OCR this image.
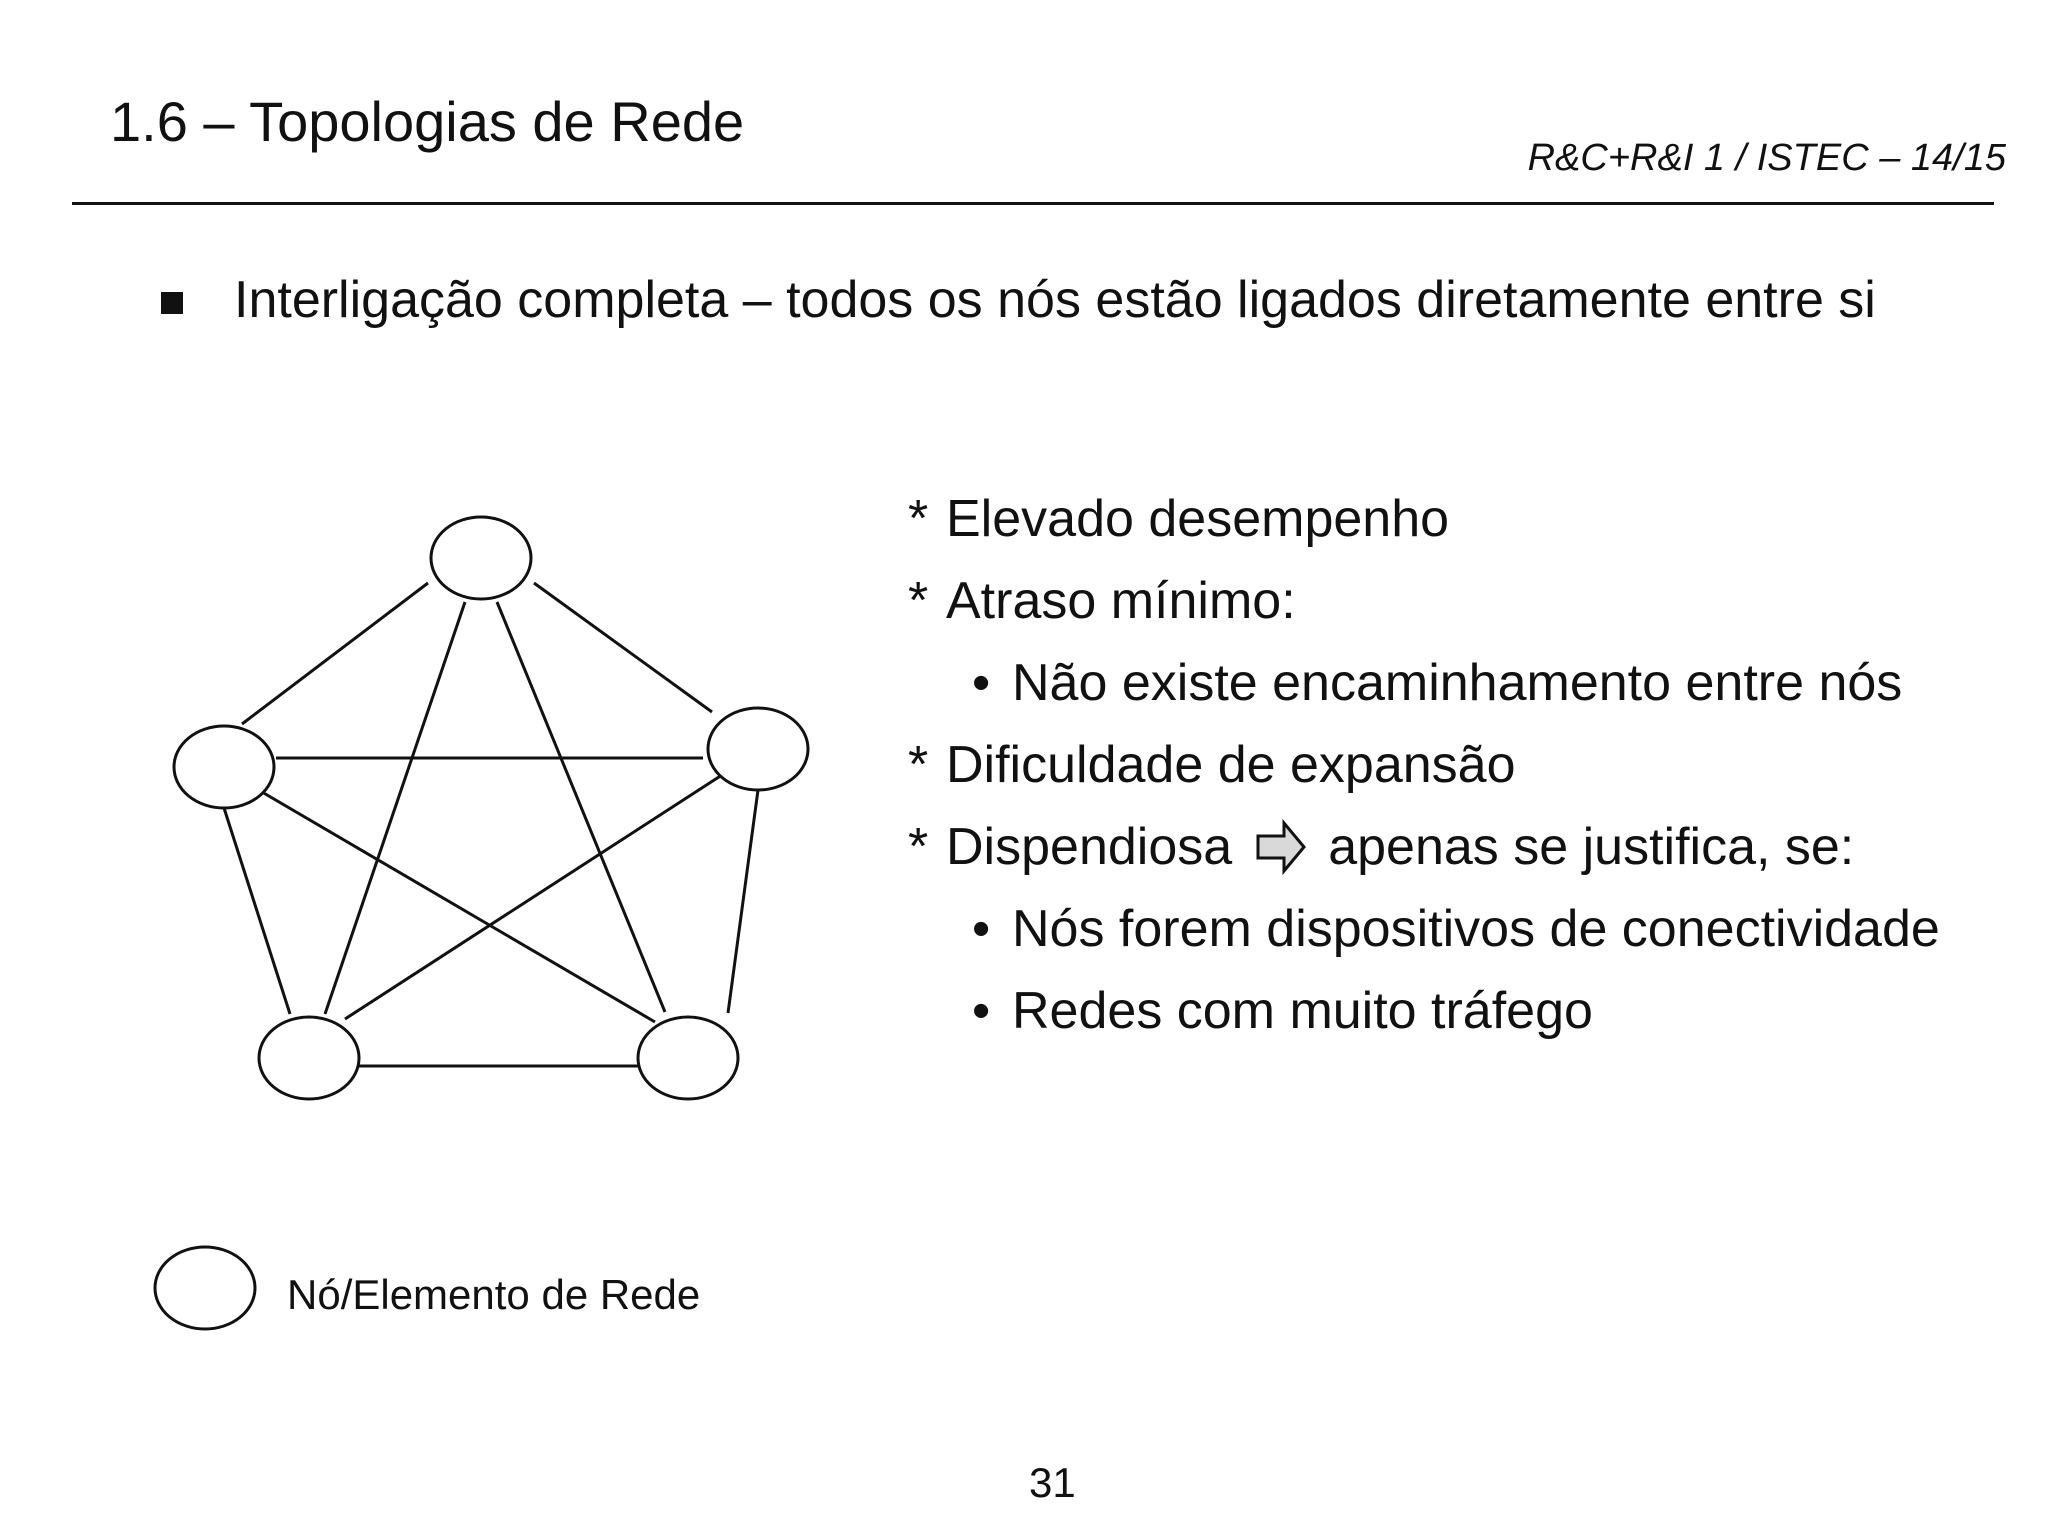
1.6 – Topologias de Rede
R&C+R&I 1 / ISTEC – 14/15
Interligação completa – todos os nós estão ligados diretamente entre si
* Elevado desempenho
* Atraso mínimo:
• Não existe encaminhamento entre nós
* Dificuldade de expansão
* Dispendiosa apenas se justifica, se:
• Nós forem dispositivos de conectividade
• Redes com muito tráfego
Nó/Elemento de Rede
31
